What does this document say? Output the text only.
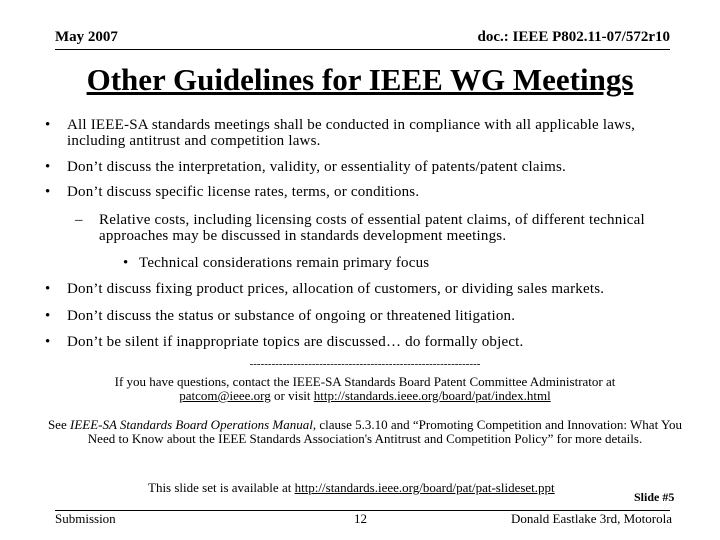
May 2007	doc.: IEEE P802.11-07/572r10
Other Guidelines for IEEE WG Meetings
• All IEEE-SA standards meetings shall be conducted in compliance with all applicable laws, including antitrust and competition laws.
• Don’t discuss the interpretation, validity, or essentiality of patents/patent claims.
• Don’t discuss specific license rates, terms, or conditions.
– Relative costs, including licensing costs of essential patent claims, of different technical approaches may be discussed in standards development meetings.
• Technical considerations remain primary focus
• Don’t discuss fixing product prices, allocation of customers, or dividing sales markets.
• Don’t discuss the status or substance of ongoing or threatened litigation.
• Don’t be silent if inappropriate topics are discussed… do formally object.
---------------------------------------------------------------
If you have questions, contact the IEEE-SA Standards Board Patent Committee Administrator at
patcom@ieee.org or visit http://standards.ieee.org/board/pat/index.html
See IEEE-SA Standards Board Operations Manual, clause 5.3.10 and “Promoting Competition and Innovation: What You Need to Know about the IEEE Standards Association's Antitrust and Competition Policy” for more details.
This slide set is available at http://standards.ieee.org/board/pat/pat-slideset.ppt
Slide #5
Submission	12	Donald Eastlake 3rd, Motorola
